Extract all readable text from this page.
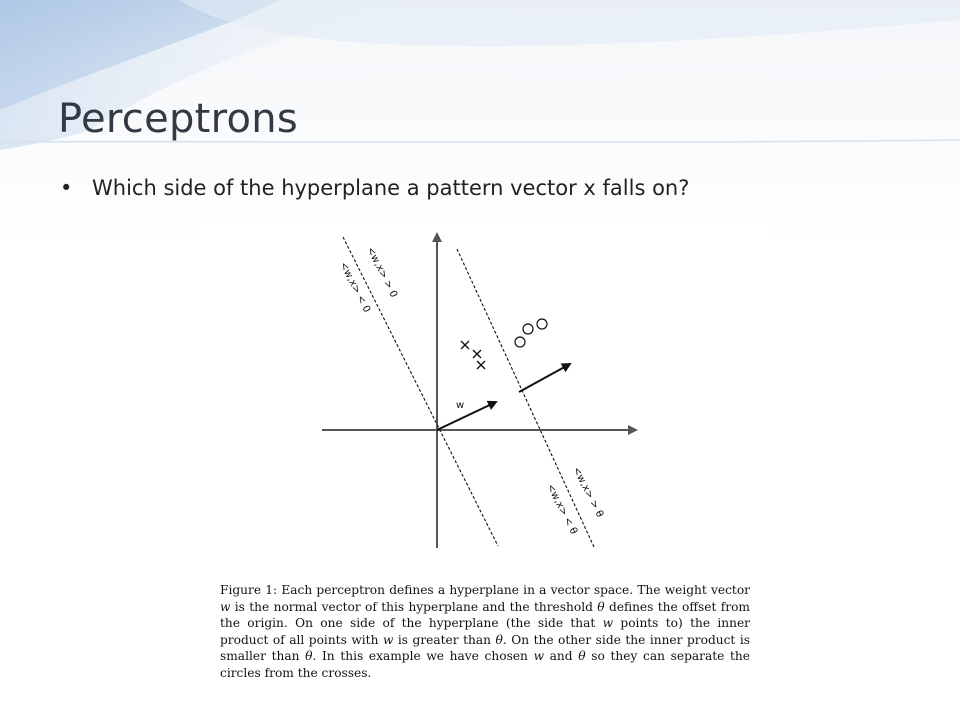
Perceptrons
• Which side of the hyperplane a pattern vector x falls on?
w
<w,x> > 0
<w,x> < 0
<w,x> > θ
<w,x> < θ

Figure 1: Each perceptron defines a hyperplane in a vector space. The weight vector w is the normal vector of this hyperplane and the threshold θ defines the offset from the origin. On one side of the hyperplane (the side that w points to) the inner product of all points with w is greater than θ. On the other side the inner product is smaller than θ. In this example we have chosen w and θ so they can separate the circles from the crosses.
